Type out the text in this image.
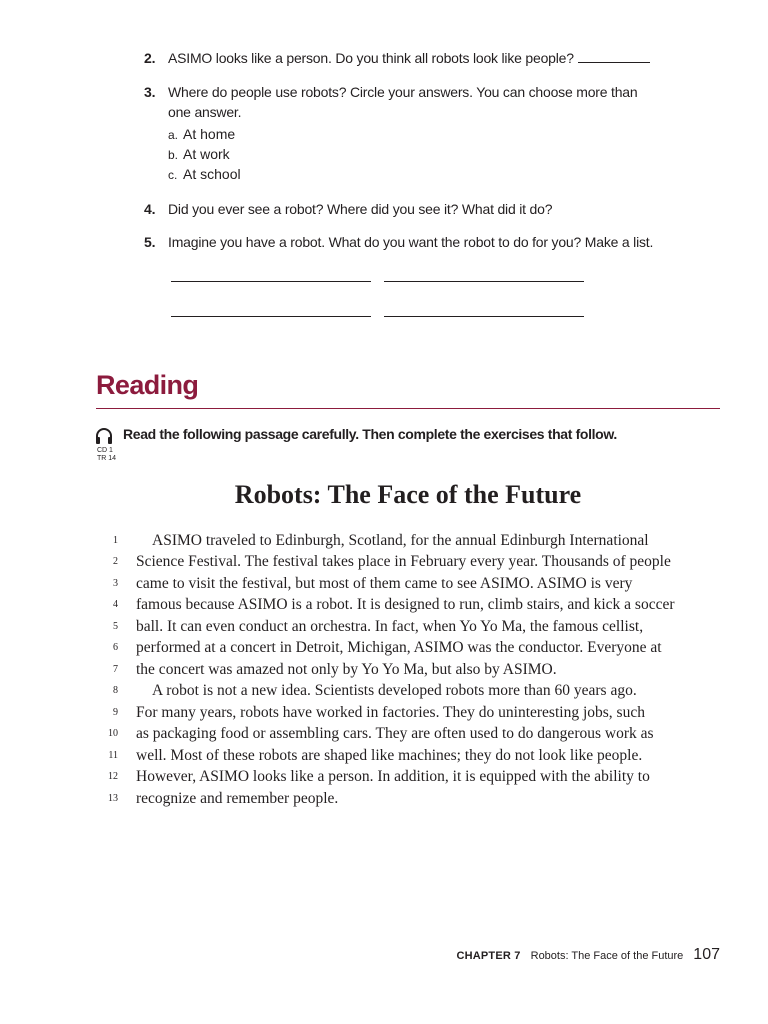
2. ASIMO looks like a person. Do you think all robots look like people?
3. Where do people use robots? Circle your answers. You can choose more than one answer.
a. At home
b. At work
c. At school
4. Did you ever see a robot? Where did you see it? What did it do?
5. Imagine you have a robot. What do you want the robot to do for you? Make a list.
Reading
CD 1
TR 14
Read the following passage carefully. Then complete the exercises that follow.
Robots: The Face of the Future
1 ASIMO traveled to Edinburgh, Scotland, for the annual Edinburgh International
2 Science Festival. The festival takes place in February every year. Thousands of people
3 came to visit the festival, but most of them came to see ASIMO. ASIMO is very
4 famous because ASIMO is a robot. It is designed to run, climb stairs, and kick a soccer
5 ball. It can even conduct an orchestra. In fact, when Yo Yo Ma, the famous cellist,
6 performed at a concert in Detroit, Michigan, ASIMO was the conductor. Everyone at
7 the concert was amazed not only by Yo Yo Ma, but also by ASIMO.
8 A robot is not a new idea. Scientists developed robots more than 60 years ago.
9 For many years, robots have worked in factories. They do uninteresting jobs, such
10 as packaging food or assembling cars. They are often used to do dangerous work as
11 well. Most of these robots are shaped like machines; they do not look like people.
12 However, ASIMO looks like a person. In addition, it is equipped with the ability to
13 recognize and remember people.
CHAPTER 7 Robots: The Face of the Future 107
